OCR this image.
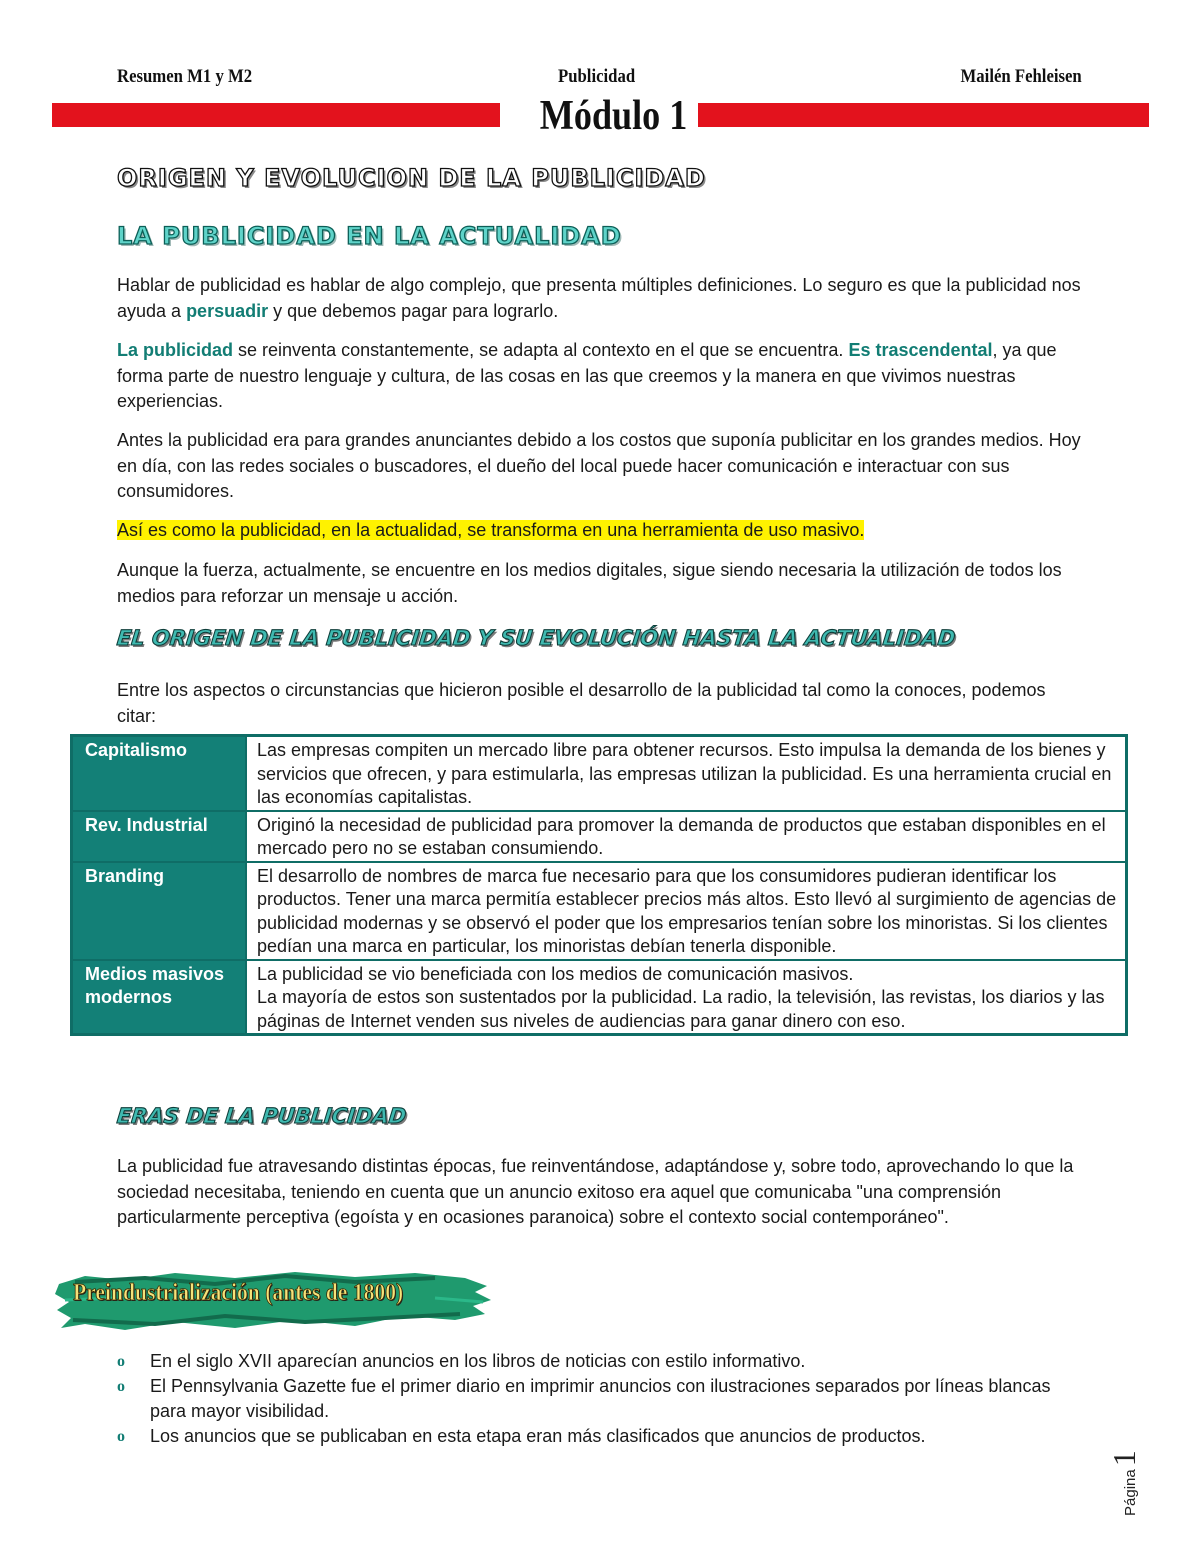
Resumen M1 y M2	Publicidad	Mailén Fehleisen
Módulo 1
ORIGEN Y EVOLUCION DE LA PUBLICIDAD
LA PUBLICIDAD EN LA ACTUALIDAD

Hablar de publicidad es hablar de algo complejo, que presenta múltiples definiciones. Lo seguro es que la publicidad nos ayuda a persuadir y que debemos pagar para lograrlo.

La publicidad se reinventa constantemente, se adapta al contexto en el que se encuentra. Es trascendental, ya que forma parte de nuestro lenguaje y cultura, de las cosas en las que creemos y la manera en que vivimos nuestras experiencias.

Antes la publicidad era para grandes anunciantes debido a los costos que suponía publicitar en los grandes medios. Hoy en día, con las redes sociales o buscadores, el dueño del local puede hacer comunicación e interactuar con sus consumidores.

Así es como la publicidad, en la actualidad, se transforma en una herramienta de uso masivo.

Aunque la fuerza, actualmente, se encuentre en los medios digitales, sigue siendo necesaria la utilización de todos los medios para reforzar un mensaje u acción.

EL ORIGEN DE LA PUBLICIDAD Y SU EVOLUCIÓN HASTA LA ACTUALIDAD

Entre los aspectos o circunstancias que hicieron posible el desarrollo de la publicidad tal como la conoces, podemos citar:

Capitalismo	Las empresas compiten un mercado libre para obtener recursos. Esto impulsa la demanda de los bienes y servicios que ofrecen, y para estimularla, las empresas utilizan la publicidad. Es una herramienta crucial en las economías capitalistas.
Rev. Industrial	Originó la necesidad de publicidad para promover la demanda de productos que estaban disponibles en el mercado pero no se estaban consumiendo.
Branding	El desarrollo de nombres de marca fue necesario para que los consumidores pudieran identificar los productos. Tener una marca permitía establecer precios más altos. Esto llevó al surgimiento de agencias de publicidad modernas y se observó el poder que los empresarios tenían sobre los minoristas. Si los clientes pedían una marca en particular, los minoristas debían tenerla disponible.
Medios masivos modernos	La publicidad se vio beneficiada con los medios de comunicación masivos.
La mayoría de estos son sustentados por la publicidad. La radio, la televisión, las revistas, los diarios y las páginas de Internet venden sus niveles de audiencias para ganar dinero con eso.
ERAS DE LA PUBLICIDAD

La publicidad fue atravesando distintas épocas, fue reinventándose, adaptándose y, sobre todo, aprovechando lo que la sociedad necesitaba, teniendo en cuenta que un anuncio exitoso era aquel que comunicaba "una comprensión particularmente perceptiva (egoísta y en ocasiones paranoica) sobre el contexto social contemporáneo".

Preindustrialización (antes de 1800)
o En el siglo XVII aparecían anuncios en los libros de noticias con estilo informativo.
o El Pennsylvania Gazette fue el primer diario en imprimir anuncios con ilustraciones separados por líneas blancas para mayor visibilidad.
o Los anuncios que se publicaban en esta etapa eran más clasificados que anuncios de productos.
Página1
